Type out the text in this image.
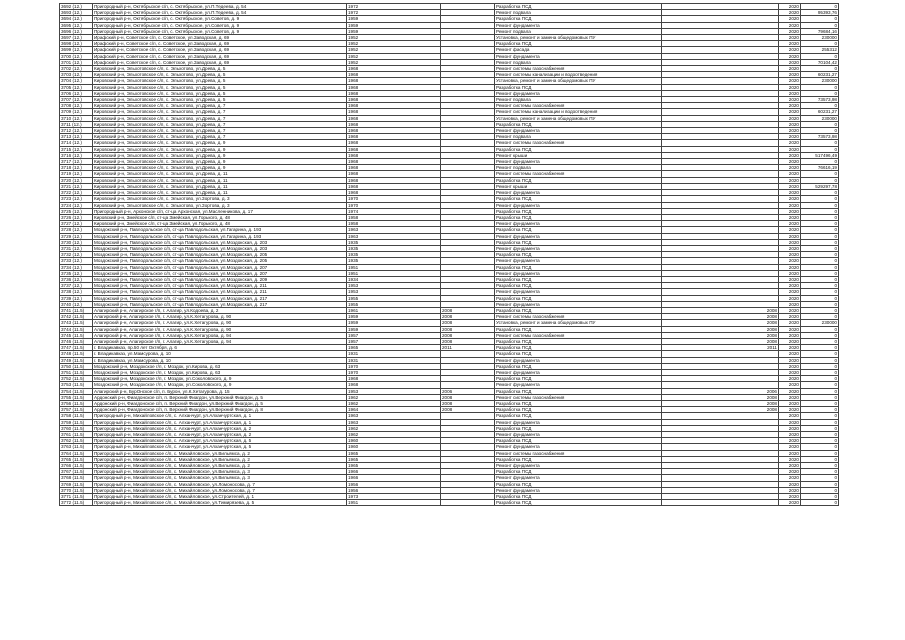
3692 (12.)	Пригородный р-н, Октябрьское с/п, с. Октябрьское, ул.П.Тедеева, д. 54	1972		Разработка ПСД		2020	0
3693 (12.)	Пригородный р-н, Октябрьское с/п, с. Октябрьское, ул.П.Тедеева, д. 54	1972		Ремонт подвала		2020	95393,76
3694 (12.)	Пригородный р-н, Октябрьское с/п, с. Октябрьское, ул.Советов, д. 9	1959		Разработка ПСД		2020	0
3695 (12.)	Пригородный р-н, Октябрьское с/п, с. Октябрьское, ул.Советов, д. 9	1959		Ремонт фундамента		2020	0
3696 (12.)	Пригородный р-н, Октябрьское с/п, с. Октябрьское, ул.Советов, д. 9	1959		Ремонт подвала		2020	79684,16
3697 (12.)	Ирафский р-н, Советское с/п, с. Советское, ул.Заводская, д. 69	1952		Установка, ремонт и замена общедомовых ПУ		2020	230000
3698 (12.)	Ирафский р-н, Советское с/п, с. Советское, ул.Заводская, д. 69	1952		Разработка ПСД		2020	0
3699 (12.)	Ирафский р-н, Советское с/п, с. Советское, ул.Заводская, д. 69	1952		Ремонт фасада		2020	255312
3700 (12.)	Ирафский р-н, Советское с/п, с. Советское, ул.Заводская, д. 69	1952		Ремонт фундамента		2020	0
3701 (12.)	Ирафский р-н, Советское с/п, с. Советское, ул.Заводская, д. 69	1952		Ремонт подвала		2020	70104,42
3702 (12.)	Кировский р-н, Эльхотовское с/п, с. Эльхотово, ул.Древа, д. 5	1968		Ремонт системы газоснабжения		2020	0
3703 (12.)	Кировский р-н, Эльхотовское с/п, с. Эльхотово, ул.Древа, д. 5	1968		Ремонт системы канализации и водоотведения		2020	60231,27
3704 (12.)	Кировский р-н, Эльхотовское с/п, с. Эльхотово, ул.Древа, д. 5	1968		Установка, ремонт и замена общедомовых ПУ		2020	230000
3705 (12.)	Кировский р-н, Эльхотовское с/п, с. Эльхотово, ул.Древа, д. 5	1968		Разработка ПСД		2020	0
3706 (12.)	Кировский р-н, Эльхотовское с/п, с. Эльхотово, ул.Древа, д. 5	1968		Ремонт фундамента		2020	0
3707 (12.)	Кировский р-н, Эльхотовское с/п, с. Эльхотово, ул.Древа, д. 5	1968		Ремонт подвала		2020	73573,98
3708 (12.)	Кировский р-н, Эльхотовское с/п, с. Эльхотово, ул.Древа, д. 7	1968		Ремонт системы газоснабжения		2020	0
3709 (12.)	Кировский р-н, Эльхотовское с/п, с. Эльхотово, ул.Древа, д. 7	1968		Ремонт системы канализации и водоотведения		2020	60231,27
3710 (12.)	Кировский р-н, Эльхотовское с/п, с. Эльхотово, ул.Древа, д. 7	1968		Установка, ремонт и замена общедомовых ПУ		2020	230000
3711 (12.)	Кировский р-н, Эльхотовское с/п, с. Эльхотово, ул.Древа, д. 7	1968		Разработка ПСД		2020	0
3712 (12.)	Кировский р-н, Эльхотовское с/п, с. Эльхотово, ул.Древа, д. 7	1968		Ремонт фундамента		2020	0
3713 (12.)	Кировский р-н, Эльхотовское с/п, с. Эльхотово, ул.Древа, д. 7	1968		Ремонт подвала		2020	73573,98
3714 (12.)	Кировский р-н, Эльхотовское с/п, с. Эльхотово, ул.Древа, д. 9	1968		Ремонт системы газоснабжения		2020	0
3715 (12.)	Кировский р-н, Эльхотовское с/п, с. Эльхотово, ул.Древа, д. 9	1968		Разработка ПСД		2020	0
3716 (12.)	Кировский р-н, Эльхотовское с/п, с. Эльхотово, ул.Древа, д. 9	1968		Ремонт крыши		2020	517496,49
3717 (12.)	Кировский р-н, Эльхотовское с/п, с. Эльхотово, ул.Древа, д. 9	1968		Ремонт фундамента		2020	0
3718 (12.)	Кировский р-н, Эльхотовское с/п, с. Эльхотово, ул.Древа, д. 9	1968		Ремонт подвала		2020	76616,19
3719 (12.)	Кировский р-н, Эльхотовское с/п, с. Эльхотово, ул.Древа, д. 11	1968		Ремонт системы газоснабжения		2020	0
3720 (12.)	Кировский р-н, Эльхотовское с/п, с. Эльхотово, ул.Древа, д. 11	1968		Разработка ПСД		2020	0
3721 (12.)	Кировский р-н, Эльхотовское с/п, с. Эльхотово, ул.Древа, д. 11	1968		Ремонт крыши		2020	529297,78
3722 (12.)	Кировский р-н, Эльхотовское с/п, с. Эльхотово, ул.Древа, д. 11	1968		Ремонт фундамента		2020	0
3723 (12.)	Кировский р-н, Эльхотовское с/п, с. Эльхотово, ул.Зортова, д. 3	1970		Разработка ПСД		2020	0
3724 (12.)	Кировский р-н, Эльхотовское с/п, с. Эльхотово, ул.Зортова, д. 3	1970		Ремонт фундамента		2020	0
3725 (12.)	Пригородный р-н, Архонское с/п, ст-ца Архонская, ул.Масленникова, д. 17	1974		Разработка ПСД		2020	0
3726 (12.)	Кировский р-н, Змейское с/п, ст-ца Змейская, ул.Горького, д. 48	1958		Разработка ПСД		2020	0
3727 (12.)	Кировский р-н, Змейское с/п, ст-ца Змейская, ул.Горького, д. 48	1958		Ремонт фундамента		2020	0
3728 (12.)	Моздокский р-н, Павлодольское с/п, ст-ца Павлодольская, ул.Гагарина, д. 193	1963		Разработка ПСД		2020	0
3729 (12.)	Моздокский р-н, Павлодольское с/п, ст-ца Павлодольская, ул.Гагарина, д. 193	1963		Ремонт фундамента		2020	0
3730 (12.)	Моздокский р-н, Павлодольское с/п, ст-ца Павлодольская, ул.Моздокская, д. 203	1935		Разработка ПСД		2020	0
3731 (12.)	Моздокский р-н, Павлодольское с/п, ст-ца Павлодольская, ул.Моздокская, д. 203	1935		Ремонт фундамента		2020	0
3732 (12.)	Моздокский р-н, Павлодольское с/п, ст-ца Павлодольская, ул.Моздокская, д. 205	1935		Разработка ПСД		2020	0
3733 (12.)	Моздокский р-н, Павлодольское с/п, ст-ца Павлодольская, ул.Моздокская, д. 205	1935		Ремонт фундамента		2020	0
3734 (12.)	Моздокский р-н, Павлодольское с/п, ст-ца Павлодольская, ул.Моздокская, д. 207	1951		Разработка ПСД		2020	0
3735 (12.)	Моздокский р-н, Павлодольское с/п, ст-ца Павлодольская, ул.Моздокская, д. 207	1951		Ремонт фундамента		2020	0
3736 (12.)	Моздокский р-н, Павлодольское с/п, ст-ца Павлодольская, ул.Моздокская, д. 209	1934		Разработка ПСД		2020	0
3737 (12.)	Моздокский р-н, Павлодольское с/п, ст-ца Павлодольская, ул.Моздокская, д. 211	1953		Разработка ПСД		2020	0
3738 (12.)	Моздокский р-н, Павлодольское с/п, ст-ца Павлодольская, ул.Моздокская, д. 211	1953		Ремонт фундамента		2020	0
3739 (12.)	Моздокский р-н, Павлодольское с/п, ст-ца Павлодольская, ул.Моздокская, д. 217	1955		Разработка ПСД		2020	0
3740 (12.)	Моздокский р-н, Павлодольское с/п, ст-ца Павлодольская, ул.Моздокская, д. 217	1955		Ремонт фундамента		2020	0
3741 (11.5)	Алагирский р-н, Алагирское г/п, г. Алагир, ул.Кодоева, д. 2	1961	2008	Разработка ПСД	2008	2020	0
3742 (11.5)	Алагирский р-н, Алагирское г/п, г. Алагир, ул.К.Хетагурова, д. 90	1959	2008	Ремонт системы газоснабжения	2008	2020	0
3743 (11.5)	Алагирский р-н, Алагирское г/п, г. Алагир, ул.К.Хетагурова, д. 90	1959	2008	Установка, ремонт и замена общедомовых ПУ	2008	2020	230000
3744 (11.5)	Алагирский р-н, Алагирское г/п, г. Алагир, ул.К.Хетагурова, д. 90	1959	2008	Разработка ПСД	2008	2020	0
3745 (11.5)	Алагирский р-н, Алагирское г/п, г. Алагир, ул.К.Хетагурова, д. 94	1957	2008	Ремонт системы газоснабжения	2008	2020	0
3746 (11.5)	Алагирский р-н, Алагирское г/п, г. Алагир, ул.К.Хетагурова, д. 94	1957	2008	Разработка ПСД	2008	2020	0
3747 (11.5)	г. Владикавказ, пр.50 лет Октября, д. 6	1965	2011	Разработка ПСД	2011	2020	0
3748 (11.5)	г. Владикавказ, ул.Мамсурова, д. 10	1931		Разработка ПСД		2020	0
3749 (11.5)	г. Владикавказ, ул.Мамсурова, д. 10	1931		Ремонт фундамента		2020	0
3750 (11.5)	Моздокский р-н, Моздокское г/п, г. Моздок, ул.Кирова, д. 63	1970		Разработка ПСД		2020	0
3751 (11.5)	Моздокский р-н, Моздокское г/п, г. Моздок, ул.Кирова, д. 63	1970		Ремонт фундамента		2020	0
3752 (11.5)	Моздокский р-н, Моздокское г/п, г. Моздок, ул.Соколовского, д. 9	1968		Разработка ПСД		2020	0
3753 (11.5)	Моздокский р-н, Моздокское г/п, г. Моздок, ул.Соколовского, д. 9	1968		Ремонт фундамента		2020	0
3754 (11.5)	Алагирский р-н, БурОнское с/п, п. Бурон, ул.К.Хетагурова, д. 15	1953	2006	Разработка ПСД	2006	2020	0
3755 (11.5)	Ардонский р-н, Фиагдонское с/п, п. Верхний Фиагдон, ул.Верхний Фиагдон, д. 5	1962	2008	Ремонт системы газоснабжения	2008	2020	0
3756 (11.5)	Ардонский р-н, Фиагдонское с/п, п. Верхний Фиагдон, ул.Верхний Фиагдон, д. 5	1962	2008	Разработка ПСД	2008	2020	0
3757 (11.5)	Ардонский р-н, Фиагдонское с/п, п. Верхний Фиагдон, ул.Верхний Фиагдон, д. 8	1964	2008	Разработка ПСД	2008	2020	0
3758 (11.5)	Пригородный р-н, Михайловское с/п, с. Алханчурт, ул.Алханчуртская, д. 1	1963		Разработка ПСД		2020	0
3759 (11.5)	Пригородный р-н, Михайловское с/п, с. Алханчурт, ул.Алханчуртская, д. 1	1963		Ремонт фундамента		2020	0
3760 (11.5)	Пригородный р-н, Михайловское с/п, с. Алханчурт, ул.Алханчуртская, д. 2	1962		Разработка ПСД		2020	0
3761 (11.5)	Пригородный р-н, Михайловское с/п, с. Алханчурт, ул.Алханчуртская, д. 2	1962		Ремонт фундамента		2020	0
3762 (11.5)	Пригородный р-н, Михайловское с/п, с. Алханчурт, ул.Алханчуртская, д. 5	1960		Разработка ПСД		2020	0
3763 (11.5)	Пригородный р-н, Михайловское с/п, с. Алханчурт, ул.Алханчуртская, д. 5	1960		Ремонт фундамента		2020	0
3764 (11.5)	Пригородный р-н, Михайловское с/п, с. Михайловское, ул.Вильямса, д. 2	1965		Ремонт системы газоснабжения		2020	0
3765 (11.5)	Пригородный р-н, Михайловское с/п, с. Михайловское, ул.Вильямса, д. 2	1965		Разработка ПСД		2020	0
3766 (11.5)	Пригородный р-н, Михайловское с/п, с. Михайловское, ул.Вильямса, д. 2	1965		Ремонт фундамента		2020	0
3767 (11.5)	Пригородный р-н, Михайловское с/п, с. Михайловское, ул.Вильямса, д. 3	1966		Разработка ПСД		2020	0
3768 (11.5)	Пригородный р-н, Михайловское с/п, с. Михайловское, ул.Вильямса, д. 3	1966		Ремонт фундамента		2020	0
3769 (11.5)	Пригородный р-н, Михайловское с/п, с. Михайловское, ул.Ломоносова, д. 7	1956		Разработка ПСД		2020	0
3770 (11.5)	Пригородный р-н, Михайловское с/п, с. Михайловское, ул.Ломоносова, д. 7	1956		Ремонт фундамента		2020	0
3771 (11.5)	Пригородный р-н, Михайловское с/п, с. Михайловское, ул.Строителей, д. 1	1973		Разработка ПСД		2020	0
3772 (11.5)	Пригородный р-н, Михайловское с/п, с. Михайловское, ул.Тимирязева, д. 5	1951		Разработка ПСД		2020	0
